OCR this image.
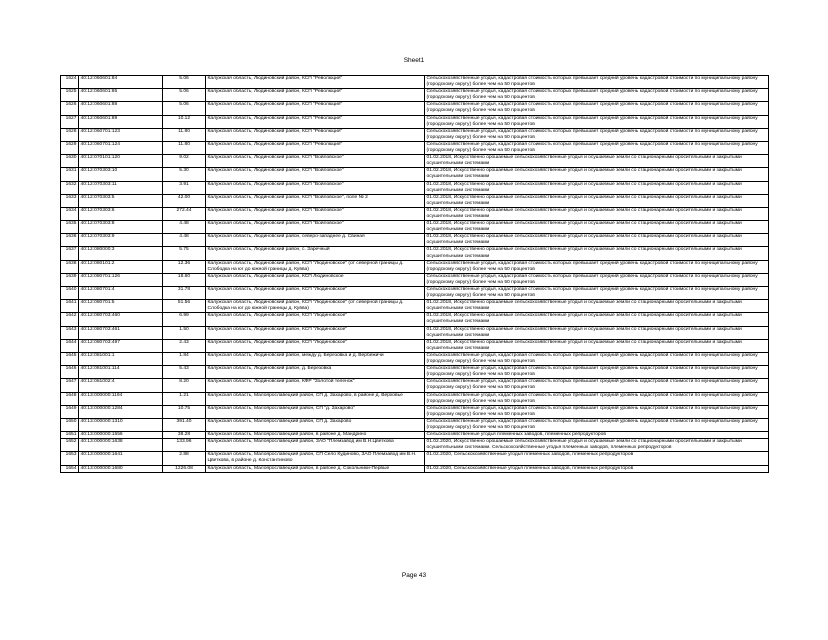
Sheet1
1624	40:12:060601:84	5.06	Калужская область, Людиновский район, КСП "Революция"	Сельскохозяйственные угодья, кадастровая стоимость которых превышает средний уровень кадастровой стоимости по муниципальному району (городскому округу) более чем на 50 процентов
1625	40:12:060601:85	5.06	Калужская область, Людиновский район, КСП "Революция"	Сельскохозяйственные угодья, кадастровая стоимость которых превышает средний уровень кадастровой стоимости по муниципальному району (городскому округу) более чем на 50 процентов
1626	40:12:060601:88	5.06	Калужская область, Людиновский район, КСП "Революция"	Сельскохозяйственные угодья, кадастровая стоимость которых превышает средний уровень кадастровой стоимости по муниципальному району (городскому округу) более чем на 50 процентов
1627	40:12:060601:89	10.12	Калужская область, Людиновский район, КСП "Революция"	Сельскохозяйственные угодья, кадастровая стоимость которых превышает средний уровень кадастровой стоимости по муниципальному району (городскому округу) более чем на 50 процентов
1628	40:12:060701:123	11.80	Калужская область, Людиновский район, КСП "Революция"	Сельскохозяйственные угодья, кадастровая стоимость которых превышает средний уровень кадастровой стоимости по муниципальному району (городскому округу) более чем на 50 процентов
1629	40:12:060701:124	11.80	Калужская область, Людиновский район, КСП "Революция"	Сельскохозяйственные угодья, кадастровая стоимость которых превышает средний уровень кадастровой стоимости по муниципальному району (городскому округу) более чем на 50 процентов
1630	40:12:070101:120	9.02	Калужская область, Людиновский район, КСП "Войловское"	01.02.2018, Искусственно орошаемые сельскохозяйственные угодья и осушаемые земли со стационарными оросительными и закрытыми осушительными системами
1631	40:12:070303:10	5.30	Калужская область, Людиновский район, КСП "Войловское"	01.02.2018, Искусственно орошаемые сельскохозяйственные угодья и осушаемые земли со стационарными оросительными и закрытыми осушительными системами
1632	40:12:070303:11	3.91	Калужская область, Людиновский район, КСП "Войловское"	01.02.2018, Искусственно орошаемые сельскохозяйственные угодья и осушаемые земли со стационарными оросительными и закрытыми осушительными системами
1633	40:12:070303:5	42.00	Калужская область, Людиновский район, КСП "Войловское", поле № 2	01.02.2018, Искусственно орошаемые сельскохозяйственные угодья и осушаемые земли со стационарными оросительными и закрытыми осушительными системами
1634	40:12:070303:6	272.44	Калужская область, Людиновский район, КСП "Войловское"	01.02.2018, Искусственно орошаемые сельскохозяйственные угодья и осушаемые земли со стационарными оросительными и закрытыми осушительными системами
1635	40:12:070303:8	4.48	Калужская область, Людиновский район, КСП "Войловское"	01.02.2018, Искусственно орошаемые сельскохозяйственные угодья и осушаемые земли со стационарными оросительными и закрытыми осушительными системами
1636	40:12:070303:9	4.48	Калужская область, Людиновский район, северо-западнее д. Свиная	01.02.2018, Искусственно орошаемые сельскохозяйственные угодья и осушаемые земли со стационарными оросительными и закрытыми осушительными системами
1637	40:12:080000:3	5.75	Калужская область, Людиновский район, с. Заречный	01.02.2018, Искусственно орошаемые сельскохозяйственные угодья и осушаемые земли со стационарными оросительными и закрытыми осушительными системами
1638	40:12:080101:2	12.36	Калужская область, Людиновский район, КСП "Людиновское" (от северной границы д. Слободка на юг до южной границы д. Кувва)	Сельскохозяйственные угодья, кадастровая стоимость которых превышает средний уровень кадастровой стоимости по муниципальному району (городскому округу) более чем на 50 процентов
1639	40:12:080701:126	18.60	Калужская область, Людиновский район, КСП Людиновское	Сельскохозяйственные угодья, кадастровая стоимость которых превышает средний уровень кадастровой стоимости по муниципальному району (городскому округу) более чем на 50 процентов
1640	40:12:080701:4	31.78	Калужская область, Людиновский район, КСП "Людиновское"	Сельскохозяйственные угодья, кадастровая стоимость которых превышает средний уровень кадастровой стоимости по муниципальному району (городскому округу) более чем на 50 процентов
1641	40:12:080701:5	51.56	Калужская область, Людиновский район, КСП "Людиновское" (от северной границы д. Слободка на юг до южной границы д. Кувва)	01.02.2018, Искусственно орошаемые сельскохозяйственные угодья и осушаемые земли со стационарными оросительными и закрытыми осушительными системами
1642	40:12:080703:460	6.99	Калужская область, Людиновский район, КСП "Людиновское"	01.02.2018, Искусственно орошаемые сельскохозяйственные угодья и осушаемые земли со стационарными оросительными и закрытыми осушительными системами
1643	40:12:080703:461	1.50	Калужская область, Людиновский район, КСП "Людиновское"	01.02.2018, Искусственно орошаемые сельскохозяйственные угодья и осушаемые земли со стационарными оросительными и закрытыми осушительными системами
1644	40:12:080703:497	2.43	Калужская область, Людиновский район, КСП "Людиновское"	01.02.2018, Искусственно орошаемые сельскохозяйственные угодья и осушаемые земли со стационарными оросительными и закрытыми осушительными системами
1645	40:12:081001:1	1.84	Калужская область, Людиновский район, между д. Березовка и д. Вербежичи	Сельскохозяйственные угодья, кадастровая стоимость которых превышает средний уровень кадастровой стоимости по муниципальному району (городскому округу) более чем на 50 процентов
1646	40:12:081001:114	5.43	Калужская область, Людиновский район, д. Березовка	Сельскохозяйственные угодья, кадастровая стоимость которых превышает средний уровень кадастровой стоимости по муниципальному району (городскому округу) более чем на 50 процентов
1647	40:12:081002:4	8.20	Калужская область, Людиновский район, КФР "Золотой теленок"	Сельскохозяйственные угодья, кадастровая стоимость которых превышает средний уровень кадастровой стоимости по муниципальному району (городскому округу) более чем на 50 процентов
1648	40:13:000000:1194	1.21	Калужская область, Малоярославецкий район, СП д. Захарово, в районе д. Верховье	Сельскохозяйственные угодья, кадастровая стоимость которых превышает средний уровень кадастровой стоимости по муниципальному району (городскому округу) более чем на 50 процентов
1649	40:13:000000:1284	10.75	Калужская область, Малоярославецкий район, СП "д. Захарово"	Сельскохозяйственные угодья, кадастровая стоимость которых превышает средний уровень кадастровой стоимости по муниципальному району (городскому округу) более чем на 50 процентов
1650	40:13:000000:1310	391.40	Калужская область, Малоярославецкий район, СП д. Захарово	Сельскохозяйственные угодья, кадастровая стоимость которых превышает средний уровень кадастровой стоимости по муниципальному району (городскому округу) более чем на 50 процентов
1651	40:13:000000:1556	38.28	Калужская область, Малоярославецкий район, в районе д. Мандрино	Сельскохозяйственные угодья племенных заводов, племенных репродукторов
1652	40:13:000000:1638	133.96	Калужская область, Малоярославецкий район, ЗАО "Племзавод им В.Н.Цветкова	01.02.2020, Искусственно орошаемые сельскохозяйственные угодья и осушаемые земли со стационарными оросительными и закрытыми осушительными системами. Сельскохозяйственные угодья племенных заводов, племенных репродукторов
1653	40:13:000000:1641	2.88	Калужская область, Малоярославецкий район, СП Село Кудиново, ЗАО Племзавод им В.Н. Цветкова, в районе д. Константиново	01.02.2020, Сельскохозяйственные угодья племенных заводов, племенных репродукторов
1654	40:13:000000:1680	1226.08	Калужская область, Малоярославецкий район, в районе д. Сокольники-Первые	01.02.2020, Сельскохозяйственные угодья племенных заводов, племенных репродукторов
Page 43
